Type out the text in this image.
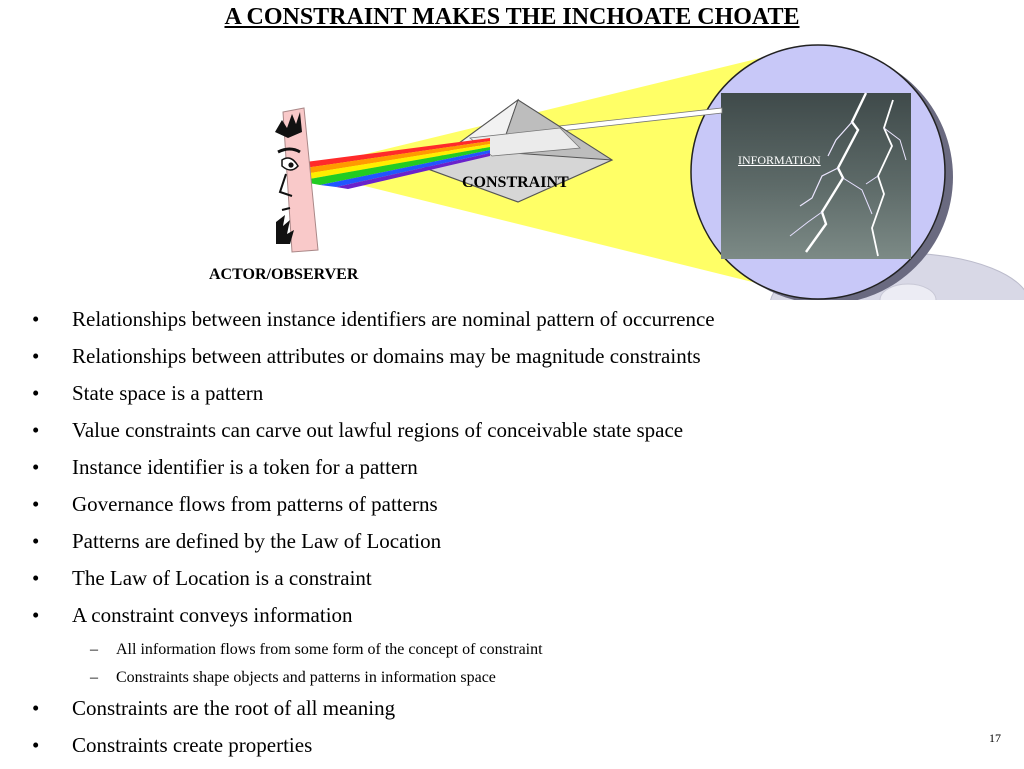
A CONSTRAINT MAKES THE INCHOATE CHOATE
ACTOR/OBSERVER
CONSTRAINT
INFORMATION
• Relationships between instance identifiers are nominal pattern of occurrence
• Relationships between attributes or domains may be magnitude constraints
• State space is a pattern
• Value constraints can carve out lawful regions of conceivable state space
• Instance identifier is a token for a pattern
• Governance flows from patterns of patterns
• Patterns are defined by the Law of Location
• The Law of Location is a constraint
• A constraint conveys information
– All information flows from some form of the concept of constraint
– Constraints shape objects and patterns in information space
• Constraints are the root of all meaning
• Constraints create properties	17
